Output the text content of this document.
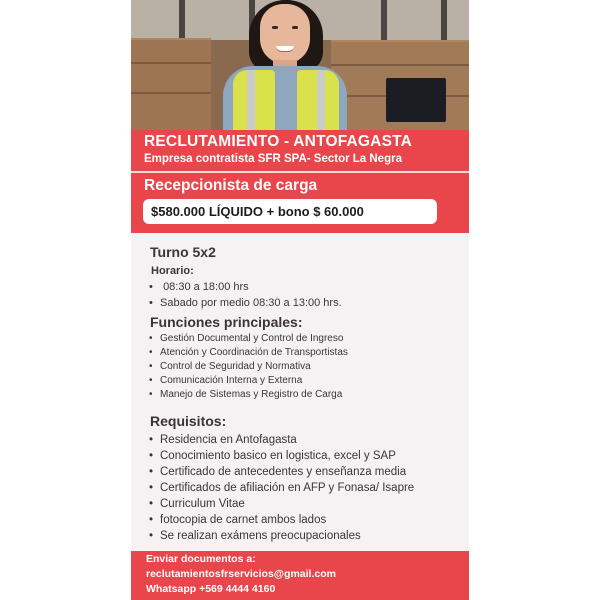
RECLUTAMIENTO - ANTOFAGASTA
Empresa contratista SFR SPA- Sector La Negra
Recepcionista de carga
$580.000 LÍQUIDO + bono $ 60.000
Turno 5x2
Horario:
• 08:30 a 18:00 hrs
• Sabado por medio 08:30 a 13:00 hrs.
Funciones principales:
• Gestión Documental y Control de Ingreso
• Atención y Coordinación de Transportistas
• Control de Seguridad y Normativa
• Comunicación Interna y Externa
• Manejo de Sistemas y Registro de Carga
Requisitos:
• Residencia en Antofagasta
• Conocimiento basico en logistica, excel y SAP
• Certificado de antecedentes y enseñanza media
• Certificados de afiliación en AFP y Fonasa/ Isapre
• Curriculum Vitae
• fotocopia de carnet ambos lados
• Se realizan exámens preocupacionales
Enviar documentos a:
reclutamientosfrservicios@gmail.com
Whatsapp +569 4444 4160
